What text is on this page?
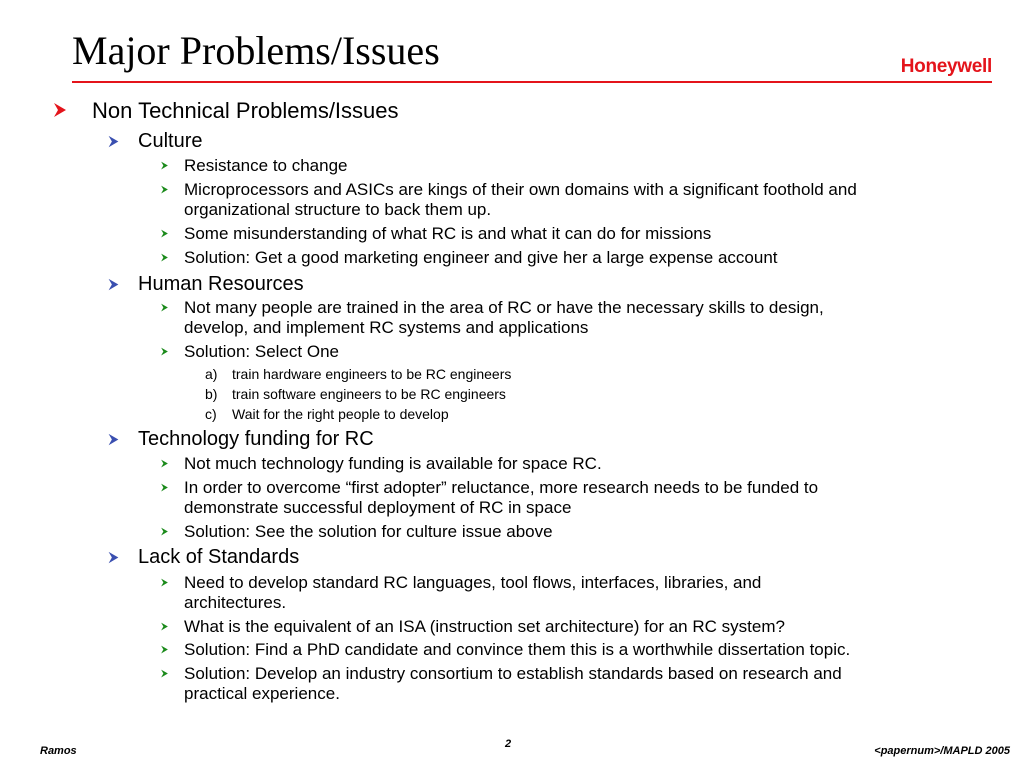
Major Problems/Issues	Honeywell
Non Technical Problems/Issues
Culture
Resistance to change
Microprocessors and ASICs are kings of their own domains with a significant foothold and
organizational structure to back them up.
Some misunderstanding of what RC is and what it can do for missions
Solution: Get a good marketing engineer and give her a large expense account
Human Resources
Not many people are trained in the area of RC or have the necessary skills to design,
develop, and implement RC systems and applications
Solution: Select One
a) train hardware engineers to be RC engineers
b) train software engineers to be RC engineers
c) Wait for the right people to develop
Technology funding for RC
Not much technology funding is available for space RC.
In order to overcome “first adopter” reluctance, more research needs to be funded to
demonstrate successful deployment of RC in space
Solution: See the solution for culture issue above
Lack of Standards
Need to develop standard RC languages, tool flows, interfaces, libraries, and
architectures.
What is the equivalent of an ISA (instruction set architecture) for an RC system?
Solution: Find a PhD candidate and convince them this is a worthwhile dissertation topic.
Solution: Develop an industry consortium to establish standards based on research and
practical experience.
Ramos
2
<papernum>/MAPLD 2005
